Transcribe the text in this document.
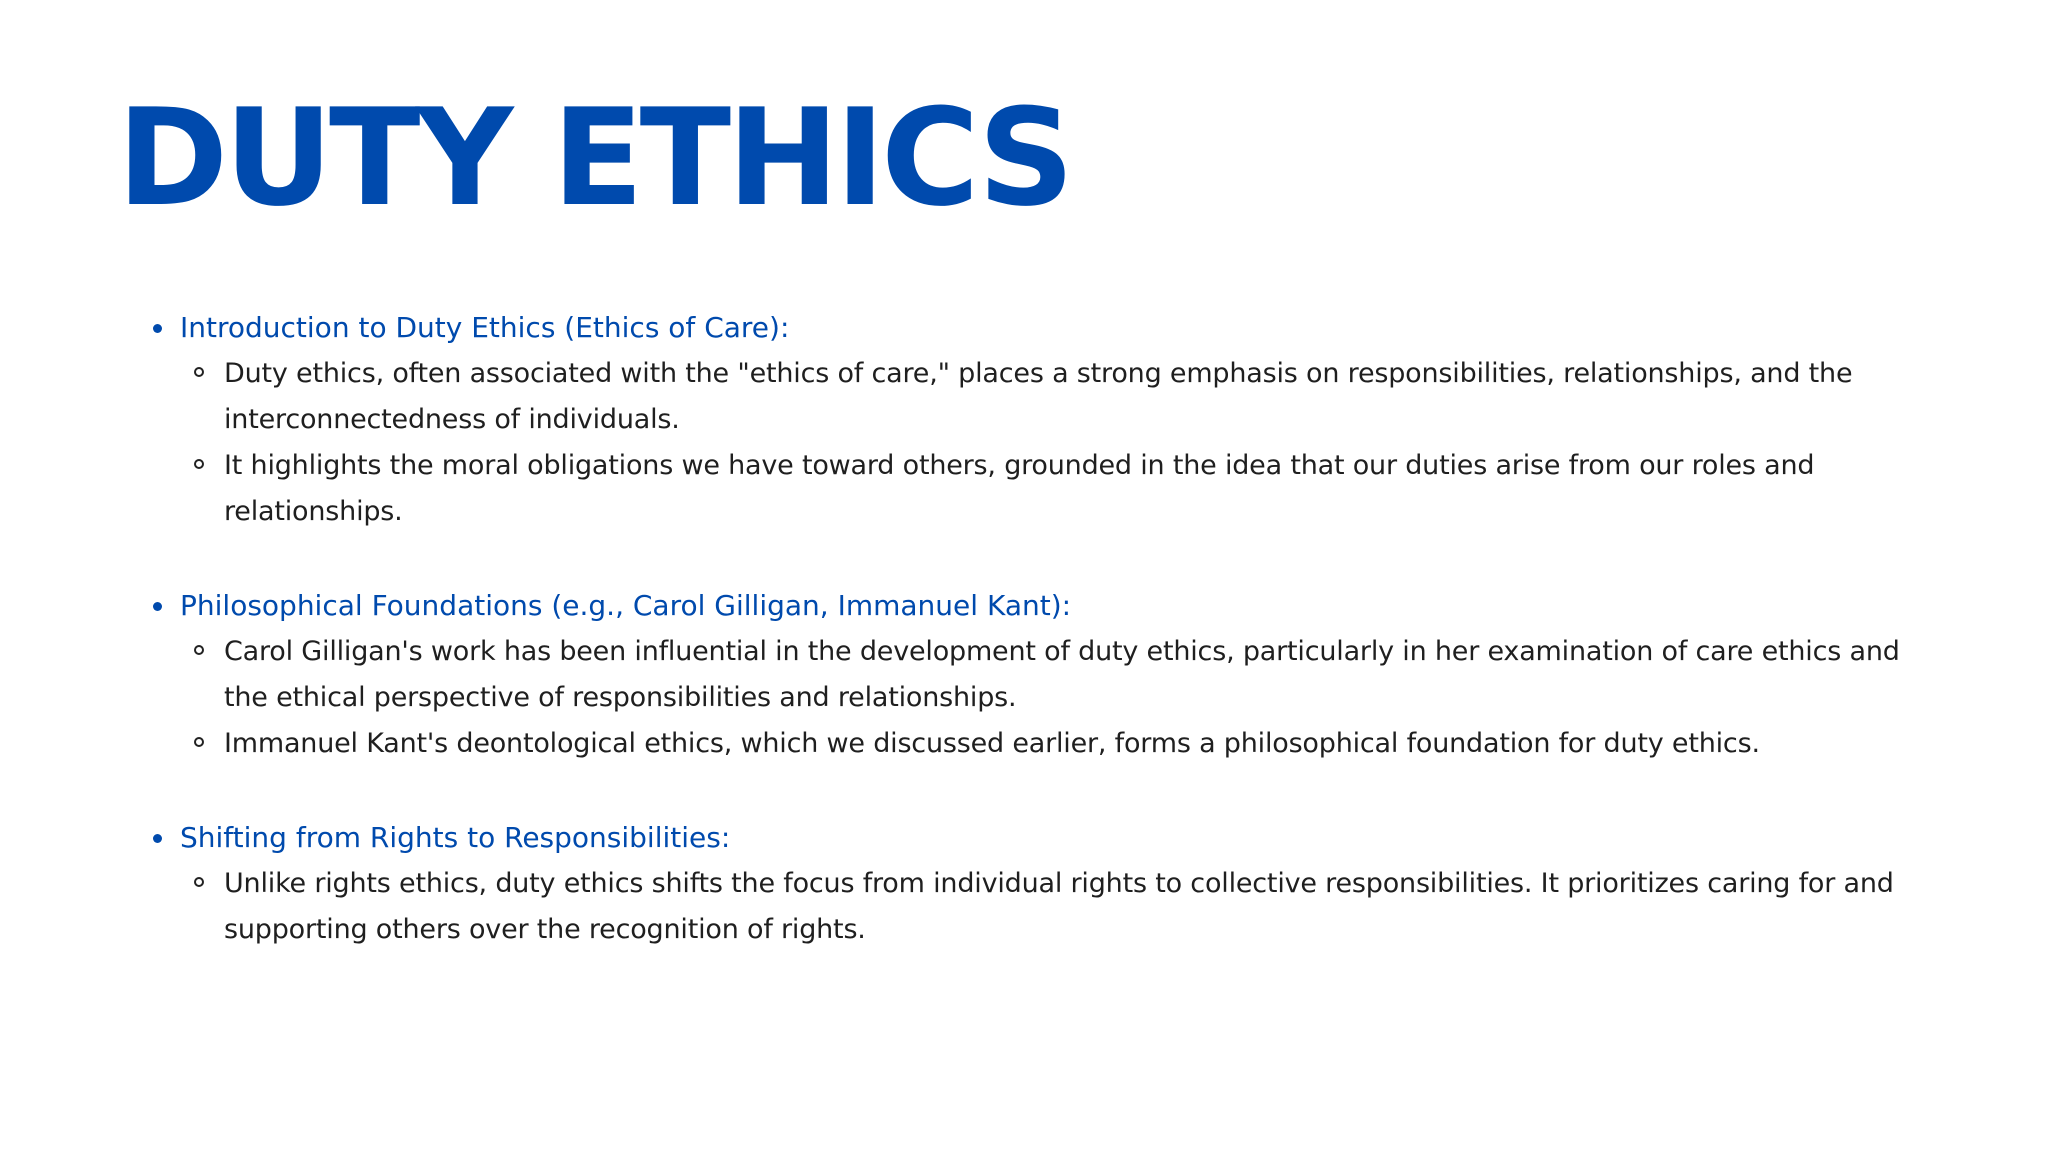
DUTY ETHICS
Introduction to Duty Ethics (Ethics of Care):
Duty ethics, often associated with the "ethics of care," places a strong emphasis on responsibilities, relationships, and the interconnectedness of individuals.
It highlights the moral obligations we have toward others, grounded in the idea that our duties arise from our roles and relationships.
Philosophical Foundations (e.g., Carol Gilligan, Immanuel Kant):
Carol Gilligan's work has been influential in the development of duty ethics, particularly in her examination of care ethics and the ethical perspective of responsibilities and relationships.
Immanuel Kant's deontological ethics, which we discussed earlier, forms a philosophical foundation for duty ethics.
Shifting from Rights to Responsibilities:
Unlike rights ethics, duty ethics shifts the focus from individual rights to collective responsibilities. It prioritizes caring for and supporting others over the recognition of rights.
